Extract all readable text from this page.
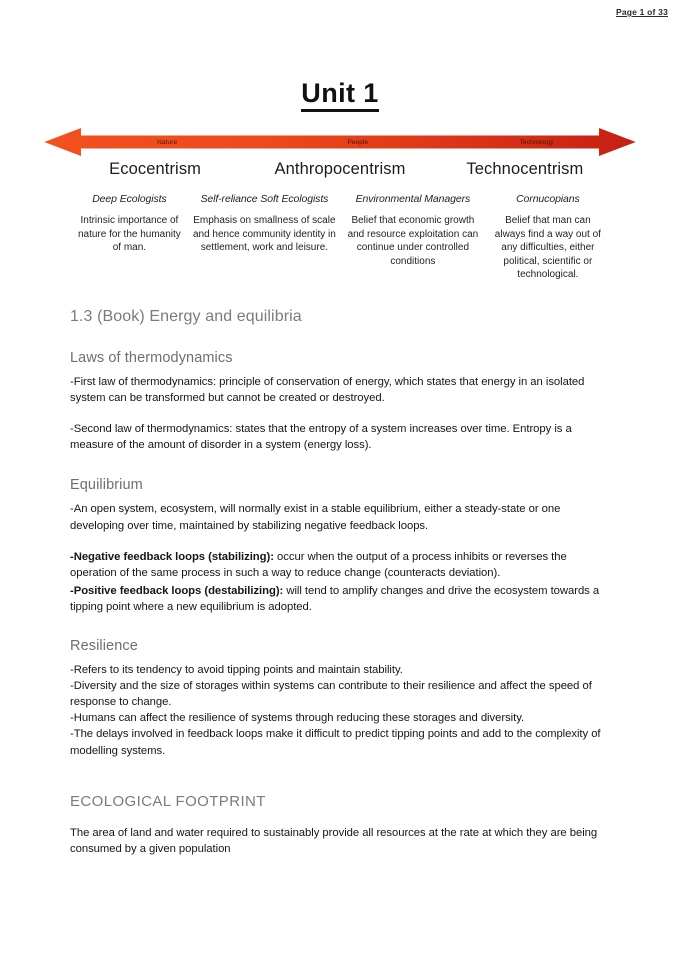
Page 1 of 33
Unit 1
Nature	People	Technology
Ecocentrism	Anthropocentrism	Technocentrism
Deep Ecologists
Intrinsic importance of nature for the humanity of man.
Self-reliance Soft Ecologists
Emphasis on smallness of scale and hence community identity in settlement, work and leisure.
Environmental Managers
Belief that economic growth and resource exploitation can continue under controlled conditions
Cornucopians
Belief that man can always find a way out of any difficulties, either political, scientific or technological.
1.3 (Book) Energy and equilibria
Laws of thermodynamics

-First law of thermodynamics: principle of conservation of energy, which states that energy in an isolated system can be transformed but cannot be created or destroyed.

-Second law of thermodynamics: states that the entropy of a system increases over time. Entropy is a measure of the amount of disorder in a system (energy loss).

Equilibrium

-An open system, ecosystem, will normally exist in a stable equilibrium, either a steady-state or one developing over time, maintained by stabilizing negative feedback loops.

-Negative feedback loops (stabilizing): occur when the output of a process inhibits or reverses the operation of the same process in such a way to reduce change (counteracts deviation).

-Positive feedback loops (destabilizing): will tend to amplify changes and drive the ecosystem towards a tipping point where a new equilibrium is adopted.

Resilience
-Refers to its tendency to avoid tipping points and maintain stability.
-Diversity and the size of storages within systems can contribute to their resilience and affect the speed of response to change.
-Humans can affect the resilience of systems through reducing these storages and diversity.
-The delays involved in feedback loops make it difficult to predict tipping points and add to the complexity of modelling systems.
ECOLOGICAL FOOTPRINT

The area of land and water required to sustainably provide all resources at the rate at which they are being consumed by a given population
